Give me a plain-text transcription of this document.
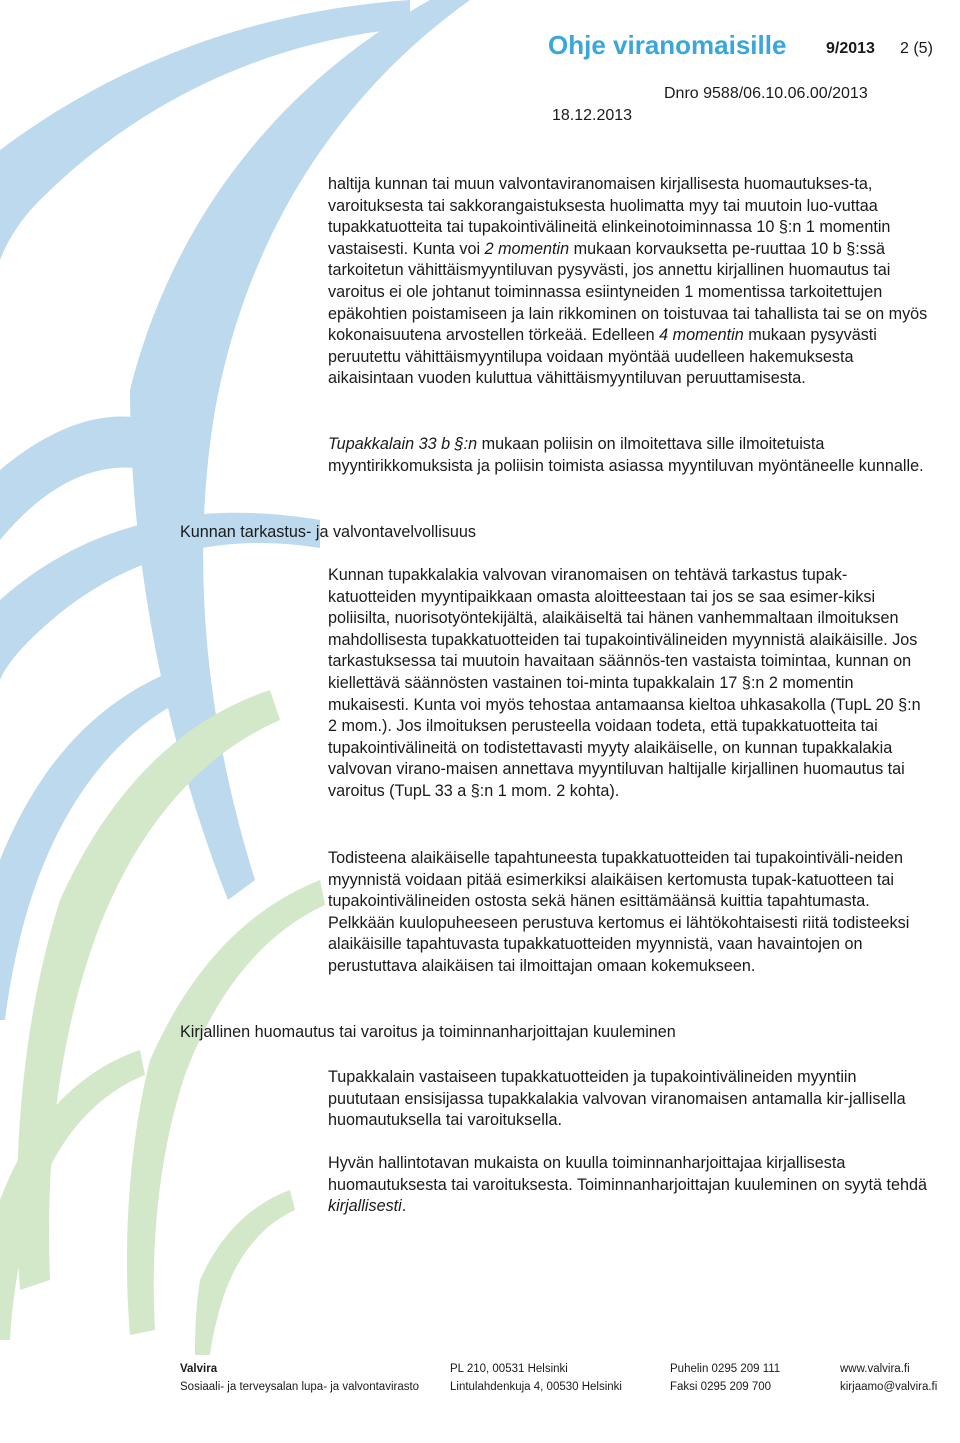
Ohje viranomaisille 9/2013 2 (5)
Dnro 9588/06.10.06.00/2013
18.12.2013

haltija kunnan tai muun valvontaviranomaisen kirjallisesta huomautukses-ta, varoituksesta tai sakkorangaistuksesta huolimatta myy tai muutoin luo-vuttaa tupakkatuotteita tai tupakointivälineitä elinkeinotoiminnassa 10 §:n 1 momentin vastaisesti. Kunta voi 2 momentin mukaan korvauksetta pe-ruuttaa 10 b §:ssä tarkoitetun vähittäismyyntiluvan pysyvästi, jos annettu kirjallinen huomautus tai varoitus ei ole johtanut toiminnassa esiintyneiden 1 momentissa tarkoitettujen epäkohtien poistamiseen ja lain rikkominen on toistuvaa tai tahallista tai se on myös kokonaisuutena arvostellen törkeää. Edelleen 4 momentin mukaan pysyvästi peruutettu vähittäismyyntilupa voidaan myöntää uudelleen hakemuksesta aikaisintaan vuoden kuluttua vähittäismyyntiluvan peruuttamisesta.

Tupakkalain 33 b §:n mukaan poliisin on ilmoitettava sille ilmoitetuista myyntirikkomuksista ja poliisin toimista asiassa myyntiluvan myöntäneelle kunnalle.

Kunnan tarkastus- ja valvontavelvollisuus

Kunnan tupakkalakia valvovan viranomaisen on tehtävä tarkastus tupak-katuotteiden myyntipaikkaan omasta aloitteestaan tai jos se saa esimer-kiksi poliisilta, nuorisotyöntekijältä, alaikäiseltä tai hänen vanhemmaltaan ilmoituksen mahdollisesta tupakkatuotteiden tai tupakointivälineiden myynnistä alaikäisille. Jos tarkastuksessa tai muutoin havaitaan säännös-ten vastaista toimintaa, kunnan on kiellettävä säännösten vastainen toi-minta tupakkalain 17 §:n 2 momentin mukaisesti. Kunta voi myös tehostaa antamaansa kieltoa uhkasakolla (TupL 20 §:n 2 mom.). Jos ilmoituksen perusteella voidaan todeta, että tupakkatuotteita tai tupakointivälineitä on todistettavasti myyty alaikäiselle, on kunnan tupakkalakia valvovan virano-maisen annettava myyntiluvan haltijalle kirjallinen huomautus tai varoitus (TupL 33 a §:n 1 mom. 2 kohta).

Todisteena alaikäiselle tapahtuneesta tupakkatuotteiden tai tupakointiväli-neiden myynnistä voidaan pitää esimerkiksi alaikäisen kertomusta tupak-katuotteen tai tupakointivälineiden ostosta sekä hänen esittämäänsä kuittia tapahtumasta. Pelkkään kuulopuheeseen perustuva kertomus ei lähtökohtaisesti riitä todisteeksi alaikäisille tapahtuvasta tupakkatuotteiden myynnistä, vaan havaintojen on perustuttava alaikäisen tai ilmoittajan omaan kokemukseen.

Kirjallinen huomautus tai varoitus ja toiminnanharjoittajan kuuleminen

Tupakkalain vastaiseen tupakkatuotteiden ja tupakointivälineiden myyntiin puututaan ensisijassa tupakkalakia valvovan viranomaisen antamalla kir-jallisella huomautuksella tai varoituksella.

Hyvän hallintotavan mukaista on kuulla toiminnanharjoittajaa kirjallisesta huomautuksesta tai varoituksesta. Toiminnanharjoittajan kuuleminen on syytä tehdä kirjallisesti.

Valvira
Sosiaali- ja terveysalan lupa- ja valvontavirasto
PL 210, 00531 Helsinki
Lintulahdenkuja 4, 00530 Helsinki
Puhelin 0295 209 111
Faksi 0295 209 700
www.valvira.fi
kirjaamo@valvira.fi
